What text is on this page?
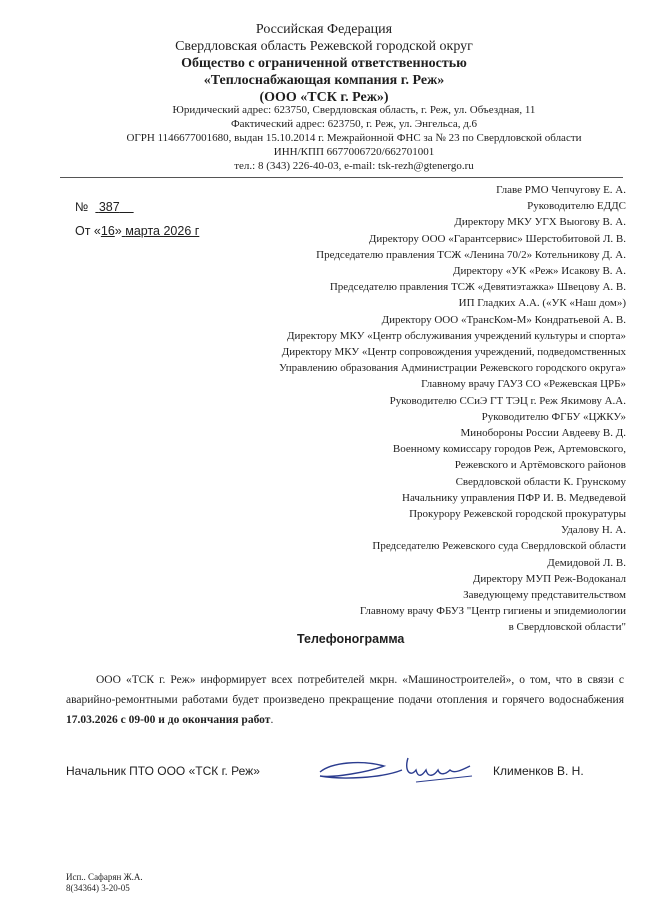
Российская Федерация
Свердловская область Режевской городской округ
Общество с ограниченной ответственностью
«Теплоснабжающая компания г. Реж»
(ООО «ТСК г. Реж»)
Юридический адрес: 623750, Свердловская область, г. Реж, ул. Объездная, 11
Фактический адрес: 623750, г. Реж, ул. Энгельса, д.6
ОГРН 1146677001680, выдан 15.10.2014 г. Межрайонной ФНС за № 23 по Свердловской области
ИНН/КПП 6677006720/662701001
тел.: 8 (343) 226-40-03, e-mail: tsk-rezh@gtenergo.ru
№ 387
От «16» марта 2026 г
Главе РМО Чепчугову Е. А.
Руководителю ЕДДС
Директору МКУ УГХ Выогову В. А.
Директору ООО «Гарантсервис» Шерстобитовой Л. В.
Председателю правления ТСЖ «Ленина 70/2» Котельникову Д. А.
Директору «УК «Реж» Исакову В. А.
Председателю правления ТСЖ «Девятиэтажка» Швецову А. В.
ИП Гладких А.А. («УК «Наш дом»)
Директору ООО «ТрансКом-М» Кондратьевой А. В.
Директору МКУ «Центр обслуживания учреждений культуры и спорта»
Директору МКУ «Центр сопровождения учреждений, подведомственных
Управлению образования Администрации Режевского городского округа»
Главному врачу ГАУЗ СО «Режевская ЦРБ»
Руководителю ССиЭ ГТ ТЭЦ г. Реж Якимову А.А.
Руководителю ФГБУ «ЦЖКУ»
Минобороны России Авдееву В. Д.
Военному комиссару городов Реж, Артемовского,
Режевского и Артёмовского районов
Свердловской области К. Грунскому
Начальнику управления ПФР И. В. Медведевой
Прокурору Режевской городской прокуратуры
Удалову Н. А.
Председателю Режевского суда Свердловской области
Демидовой Л. В.
Директору МУП Реж-Водоканал
Заведующему представительством
Главному врачу ФБУЗ "Центр гигиены и эпидемиологии
в Свердловской области"
Телефонограмма
ООО «ТСК г. Реж» информирует всех потребителей мкрн. «Машиностроителей», о том, что в связи с аварийно-ремонтными работами будет произведено прекращение подачи отопления и горячего водоснабжения 17.03.2026 с 09-00 и до окончания работ.
Начальник ПТО ООО «ТСК г. Реж»	Клименков В. Н.
Исп.. Сафарян Ж.А.
8(34364) 3-20-05
